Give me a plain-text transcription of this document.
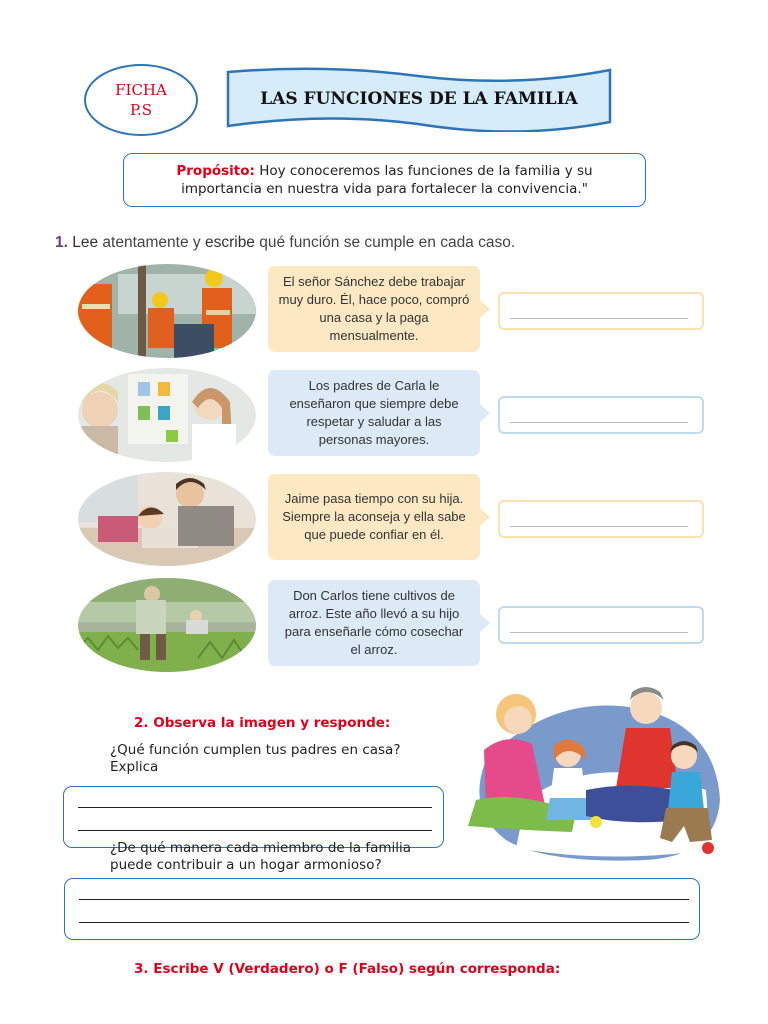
FICHA
P.S
LAS FUNCIONES DE LA FAMILIA
Propósito: Hoy conoceremos las funciones de la familia y su importancia en nuestra vida para fortalecer la convivencia."
1. Lee atentamente y escribe qué función se cumple en cada caso.
El señor Sánchez debe trabajar muy duro. Él, hace poco, compró una casa y la paga mensualmente.
Los padres de Carla le enseñaron que siempre debe respetar y saludar a las personas mayores.
Jaime pasa tiempo con su hija. Siempre la aconseja y ella sabe que puede confiar en él.
Don Carlos tiene cultivos de arroz. Este año llevó a su hijo para enseñarle cómo cosechar el arroz.
2. Observa la imagen y responde:
¿Qué función cumplen tus padres en casa? Explica
¿De qué manera cada miembro de la familia puede contribuir a un hogar armonioso?
3. Escribe V (Verdadero) o F (Falso) según corresponda:
